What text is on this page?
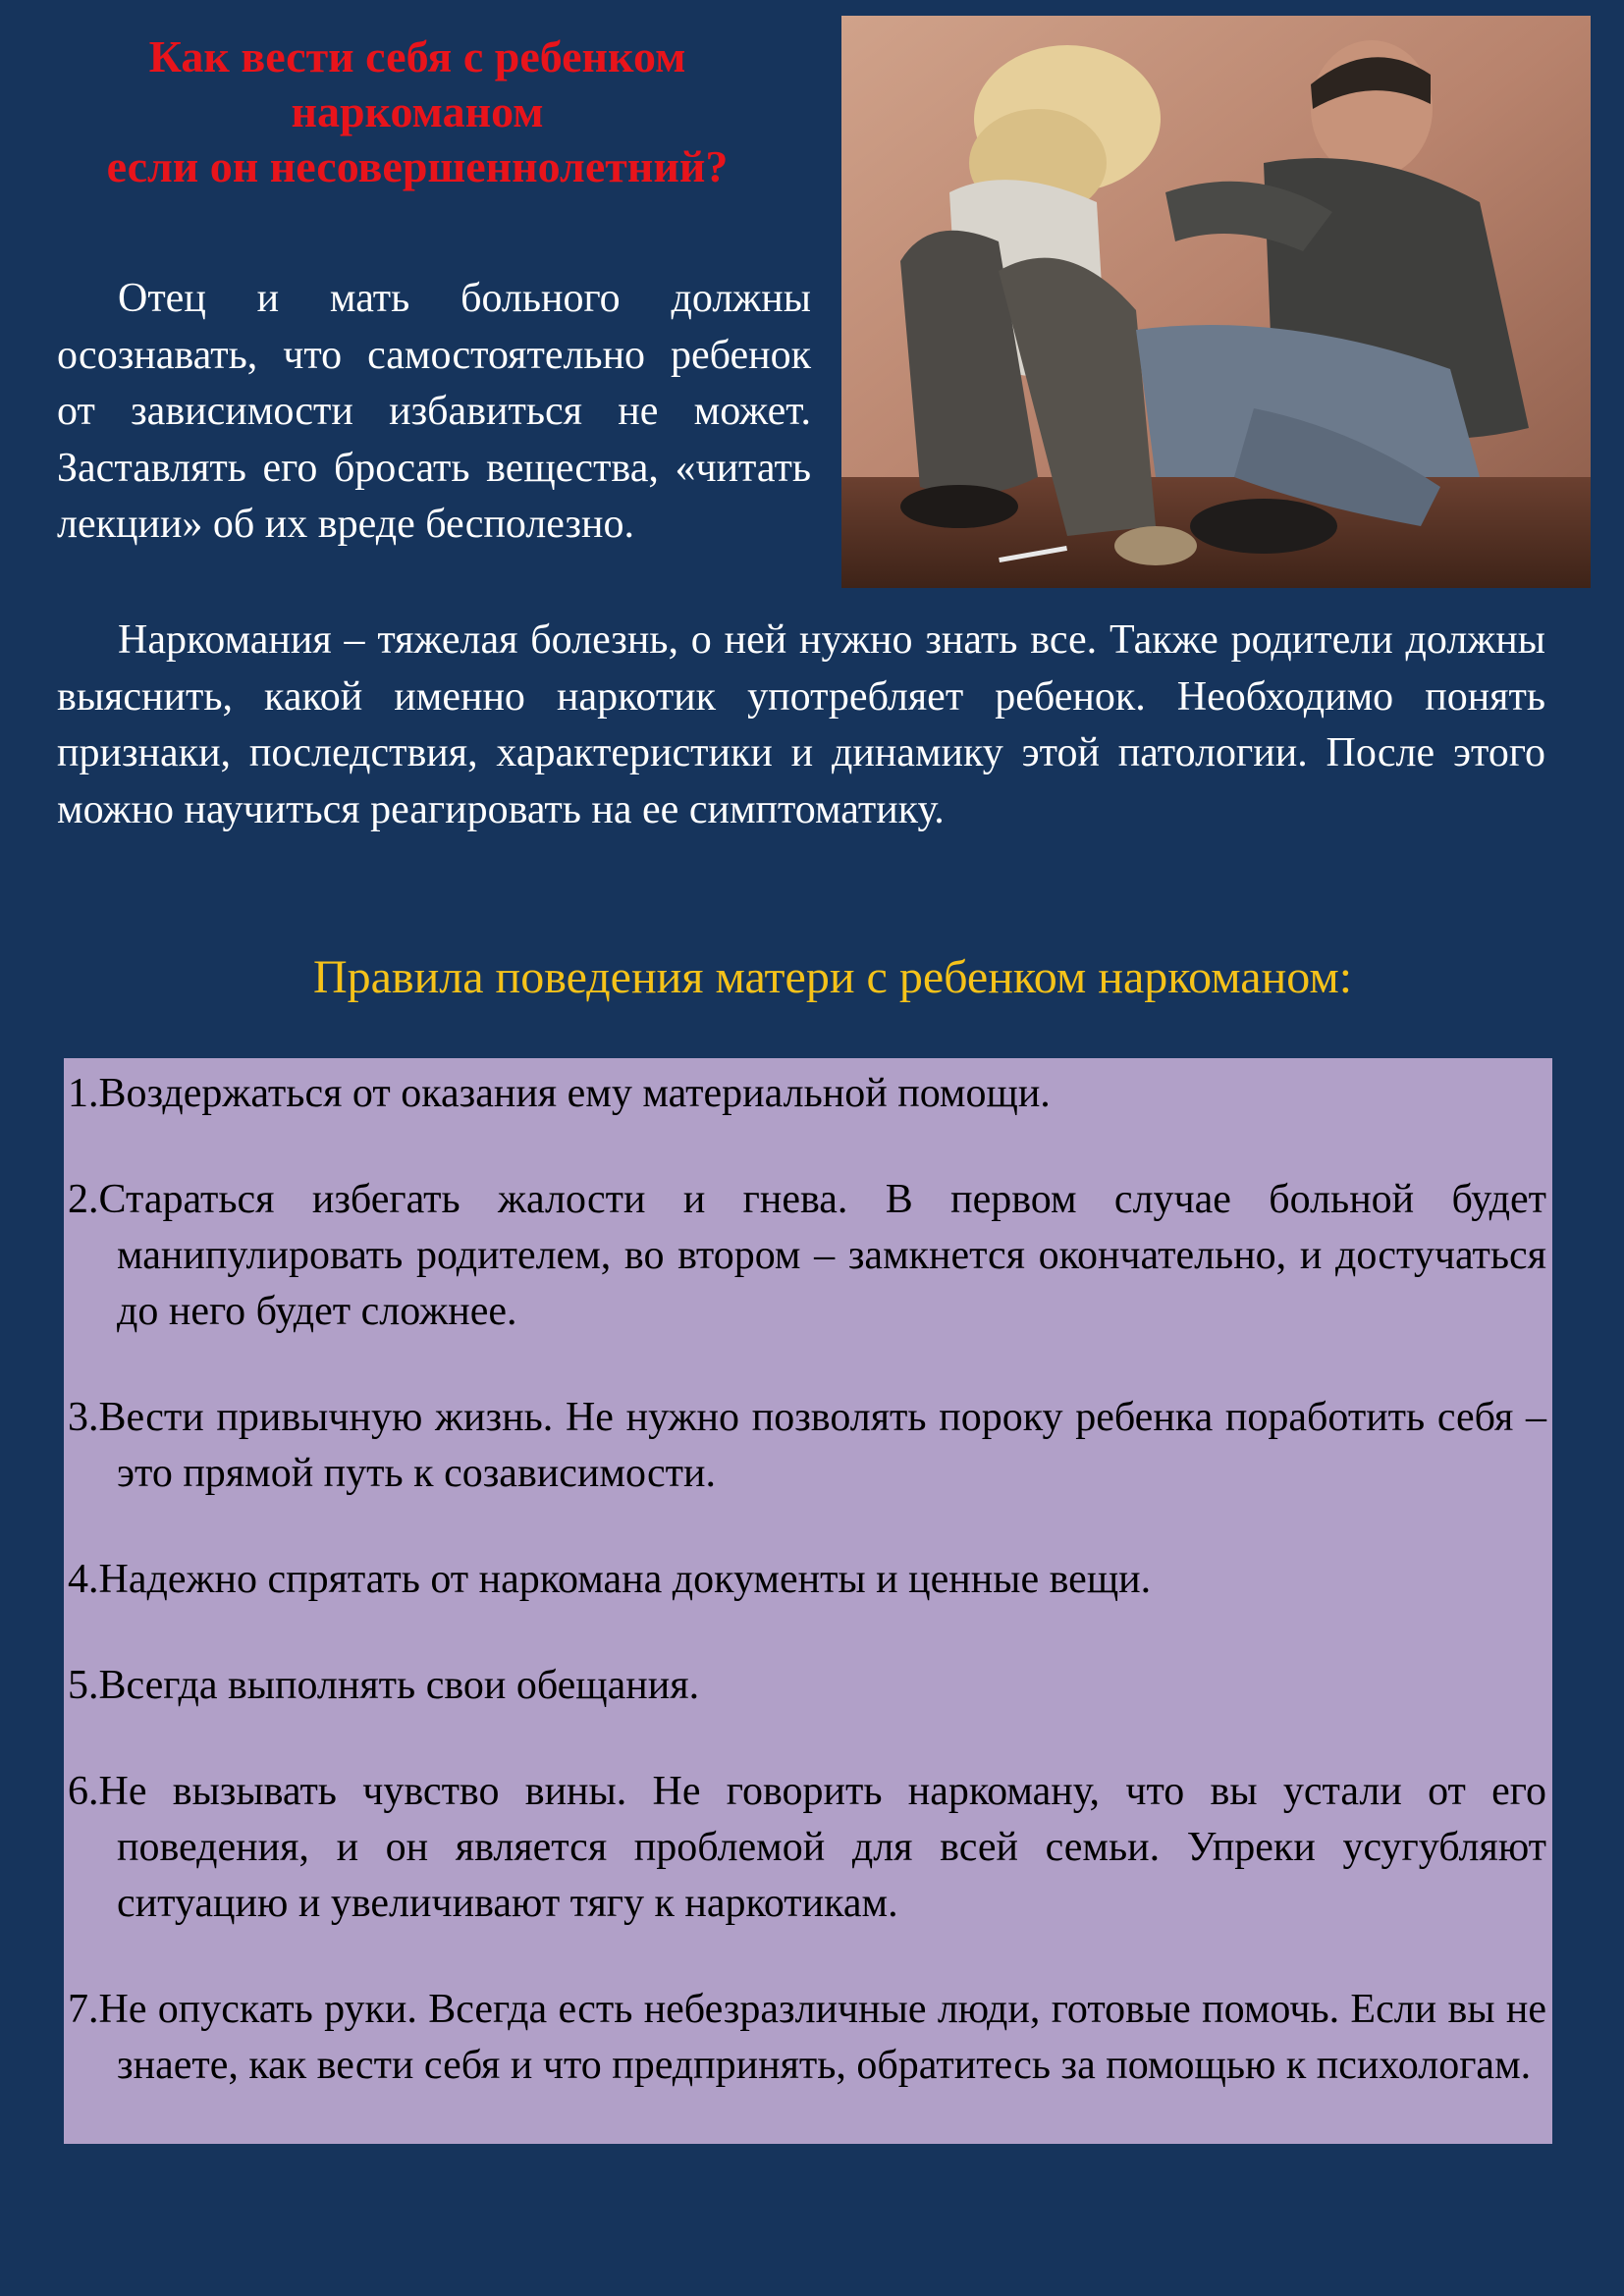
Как вести себя с ребенком
наркоманом
если он несовершеннолетний?

Отец и мать больного должны осознавать, что самостоятельно ребенок от зависимости избавиться не может. Заставлять его бросать вещества, «читать лекции» об их вреде бесполезно.

Наркомания – тяжелая болезнь, о ней нужно знать все. Также родители должны выяснить, какой именно наркотик употребляет ребенок. Необходимо понять признаки, последствия, характеристики и динамику этой патологии. После этого можно научиться реагировать на ее симптоматику.

Правила поведения матери с ребенком наркоманом:

1.Воздержаться от оказания ему материальной помощи.

2.Стараться избегать жалости и гнева. В первом случае больной будет манипулировать родителем, во втором – замкнется окончательно, и достучаться до него будет сложнее.

3.Вести привычную жизнь. Не нужно позволять пороку ребенка поработить себя – это прямой путь к созависимости.

4.Надежно спрятать от наркомана документы и ценные вещи.

5.Всегда выполнять свои обещания.

6.Не вызывать чувство вины. Не говорить наркоману, что вы устали от его поведения, и он является проблемой для всей семьи. Упреки усугубляют ситуацию и увеличивают тягу к наркотикам.

7.Не опускать руки. Всегда есть небезразличные люди, готовые помочь. Если вы не знаете, как вести себя и что предпринять, обратитесь за помощью к психологам.
